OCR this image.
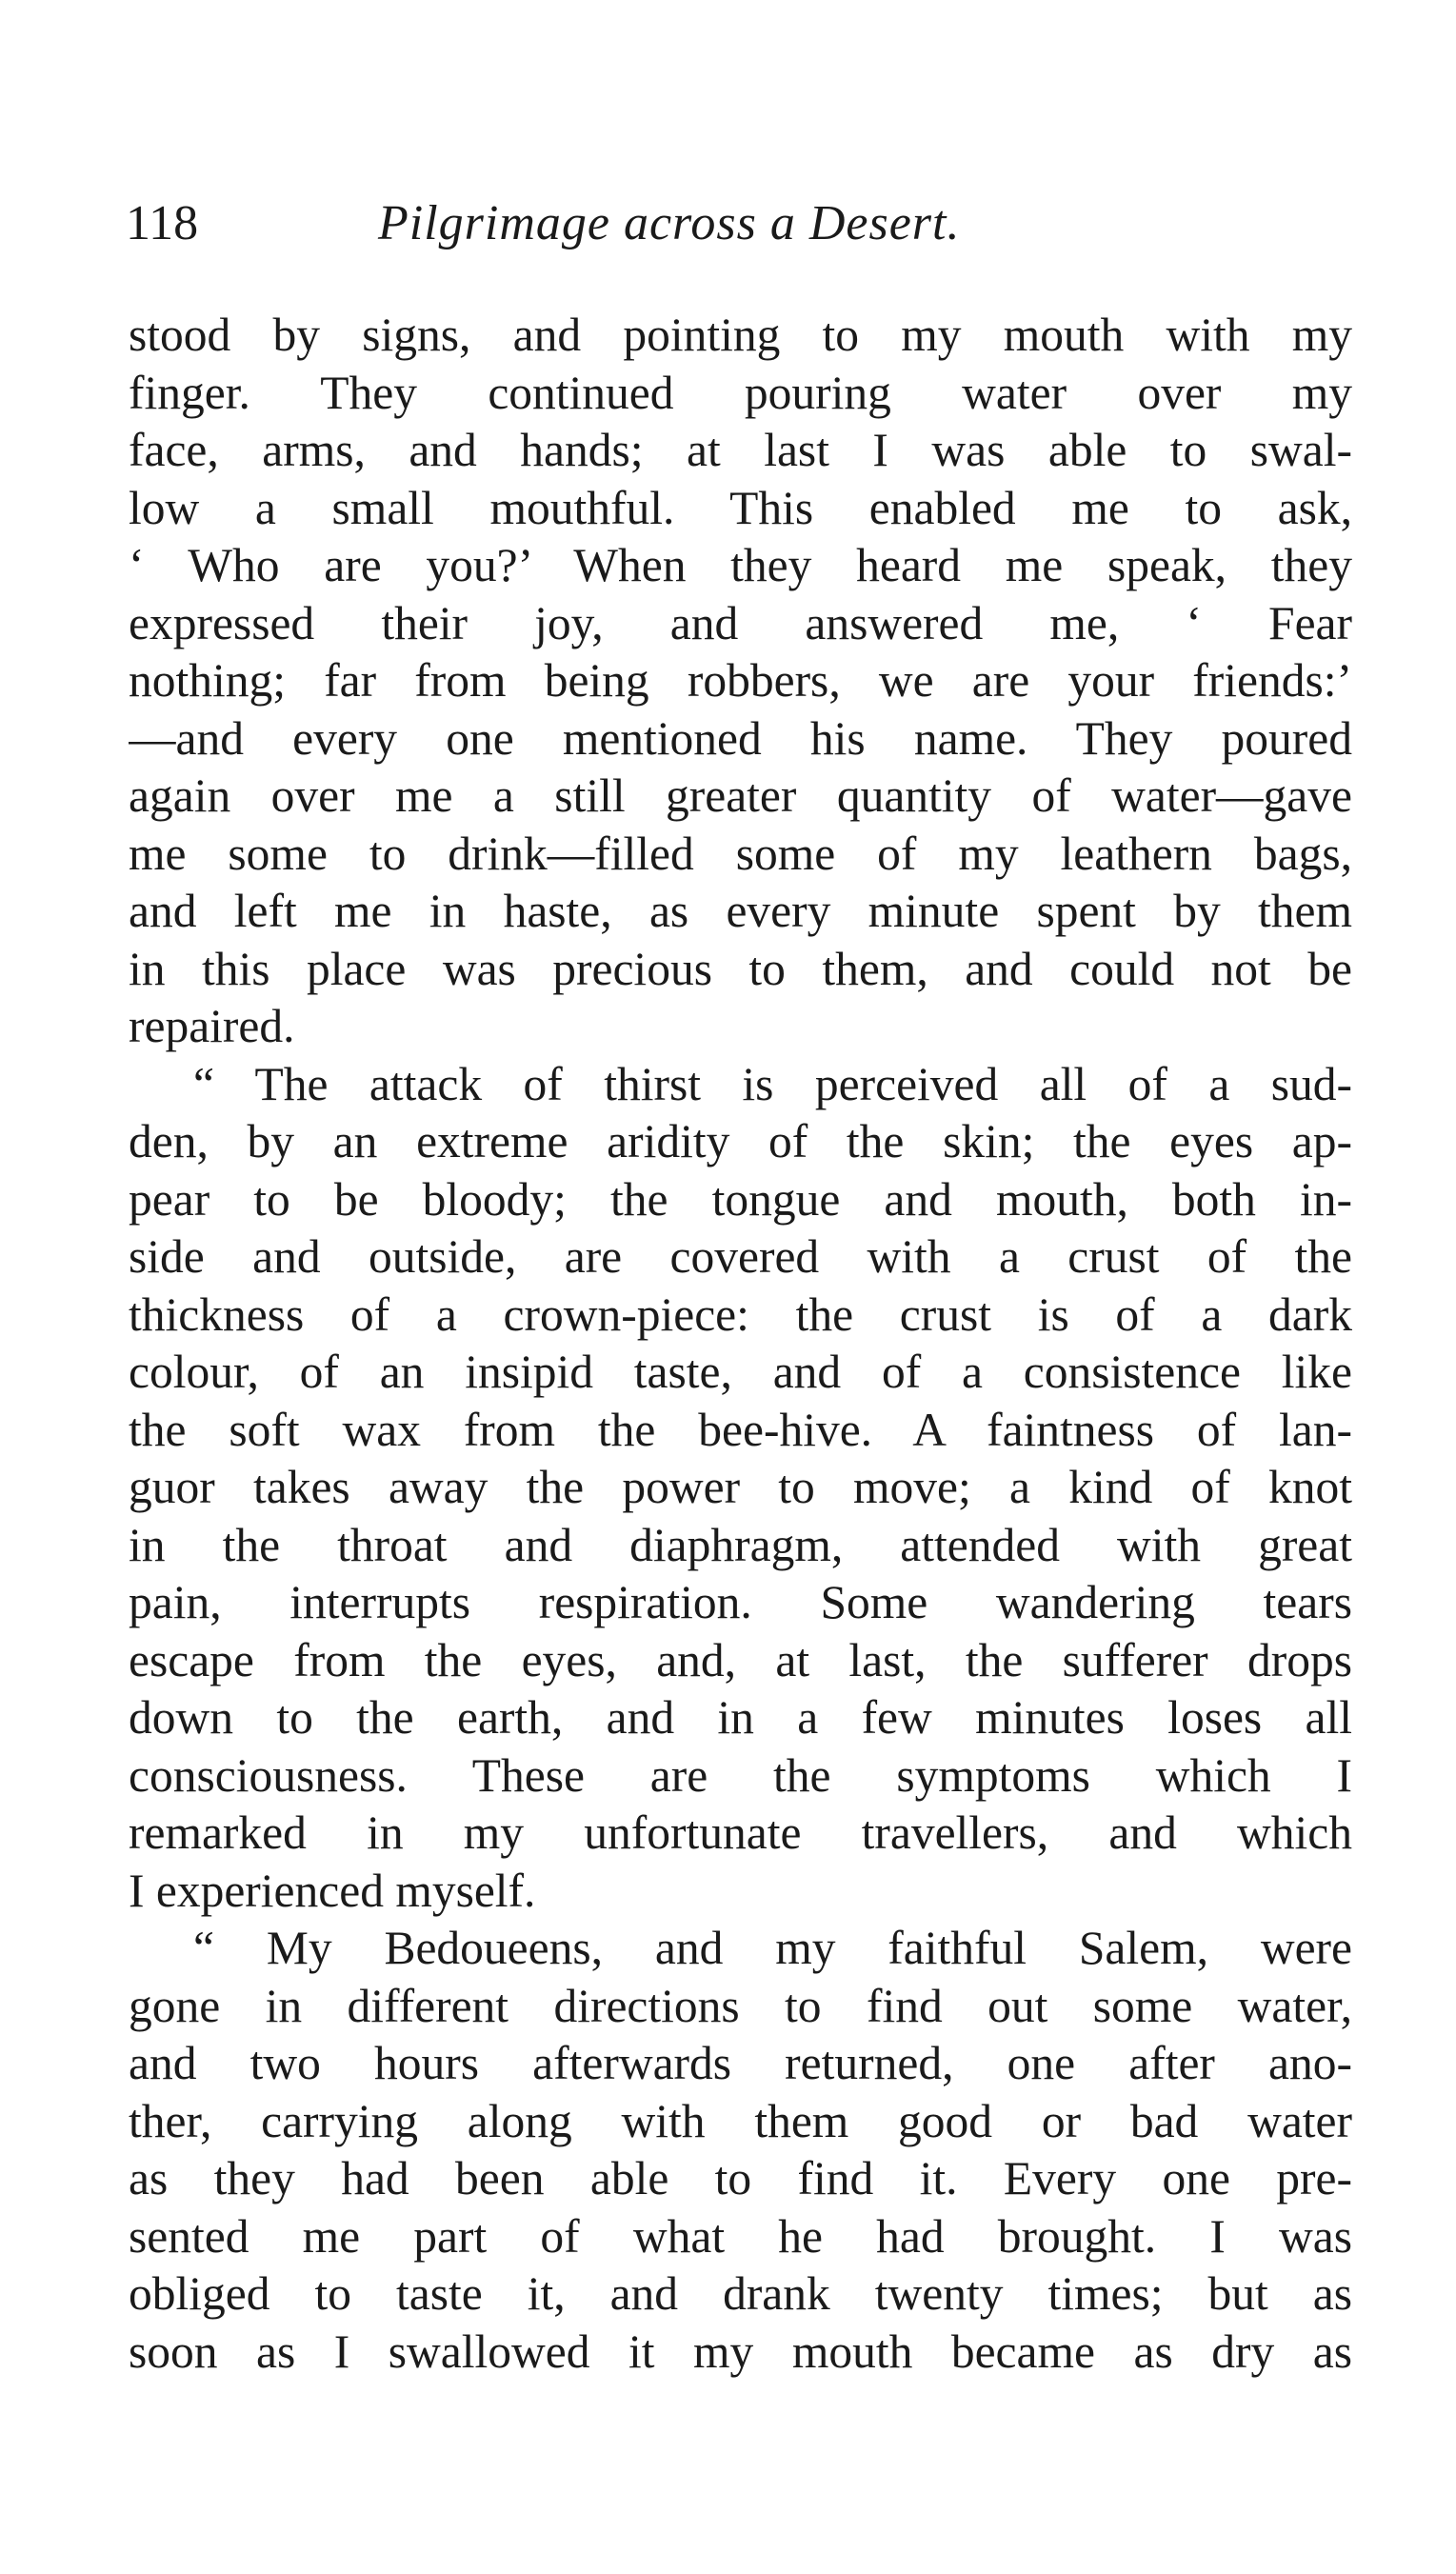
118	Pilgrimage across a Desert.
stood by signs, and pointing to my mouth with my
finger. They continued pouring water over my
face, arms, and hands; at last I was able to swal-
low a small mouthful. This enabled me to ask,
‘ Who are you?’ When they heard me speak, they
expressed their joy, and answered me, ‘ Fear
nothing; far from being robbers, we are your friends:’
—and every one mentioned his name. They poured
again over me a still greater quantity of water—gave
me some to drink—filled some of my leathern bags,
and left me in haste, as every minute spent by them
in this place was precious to them, and could not be
repaired.
“ The attack of thirst is perceived all of a sud-
den, by an extreme aridity of the skin; the eyes ap-
pear to be bloody; the tongue and mouth, both in-
side and outside, are covered with a crust of the
thickness of a crown-piece: the crust is of a dark
colour, of an insipid taste, and of a consistence like
the soft wax from the bee-hive. A faintness of lan-
guor takes away the power to move; a kind of knot
in the throat and diaphragm, attended with great
pain, interrupts respiration. Some wandering tears
escape from the eyes, and, at last, the sufferer drops
down to the earth, and in a few minutes loses all
consciousness. These are the symptoms which I
remarked in my unfortunate travellers, and which
I experienced myself.
“ My Bedoueens, and my faithful Salem, were
gone in different directions to find out some water,
and two hours afterwards returned, one after ano-
ther, carrying along with them good or bad water
as they had been able to find it. Every one pre-
sented me part of what he had brought. I was
obliged to taste it, and drank twenty times; but as
soon as I swallowed it my mouth became as dry as
